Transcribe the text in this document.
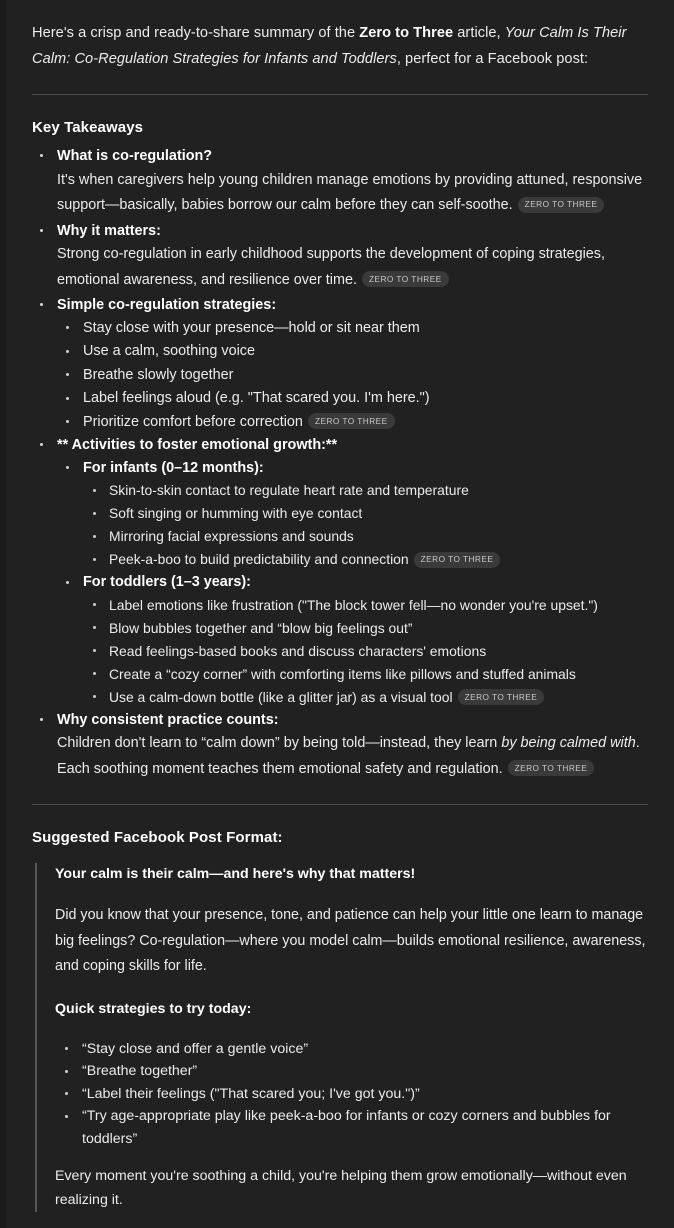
Here's a crisp and ready-to-share summary of the Zero to Three article, Your Calm Is Their Calm: Co-Regulation Strategies for Infants and Toddlers, perfect for a Facebook post:

Key Takeaways
What is co-regulation?
It's when caregivers help young children manage emotions by providing attuned, responsive support—basically, babies borrow our calm before they can self-soothe. ZERO TO THREE
Why it matters:
Strong co-regulation in early childhood supports the development of coping strategies, emotional awareness, and resilience over time. ZERO TO THREE
Simple co-regulation strategies:
Stay close with your presence—hold or sit near them
Use a calm, soothing voice
Breathe slowly together
Label feelings aloud (e.g. "That scared you. I'm here.")
Prioritize comfort before correction ZERO TO THREE
** Activities to foster emotional growth:**
For infants (0–12 months):
Skin-to-skin contact to regulate heart rate and temperature
Soft singing or humming with eye contact
Mirroring facial expressions and sounds
Peek-a-boo to build predictability and connection ZERO TO THREE
For toddlers (1–3 years):
Label emotions like frustration ("The block tower fell—no wonder you're upset.")
Blow bubbles together and “blow big feelings out”
Read feelings-based books and discuss characters' emotions
Create a “cozy corner” with comforting items like pillows and stuffed animals
Use a calm-down bottle (like a glitter jar) as a visual tool ZERO TO THREE
Why consistent practice counts:
Children don't learn to “calm down” by being told—instead, they learn by being calmed with. Each soothing moment teaches them emotional safety and regulation. ZERO TO THREE
Suggested Facebook Post Format:

Your calm is their calm—and here's why that matters!

Did you know that your presence, tone, and patience can help your little one learn to manage big feelings? Co-regulation—where you model calm—builds emotional resilience, awareness, and coping skills for life.

Quick strategies to try today:

“Stay close and offer a gentle voice”
“Breathe together”
“Label their feelings ("That scared you; I've got you.")”
“Try age-appropriate play like peek-a-boo for infants or cozy corners and bubbles for toddlers”

Every moment you're soothing a child, you're helping them grow emotionally—without even realizing it.
